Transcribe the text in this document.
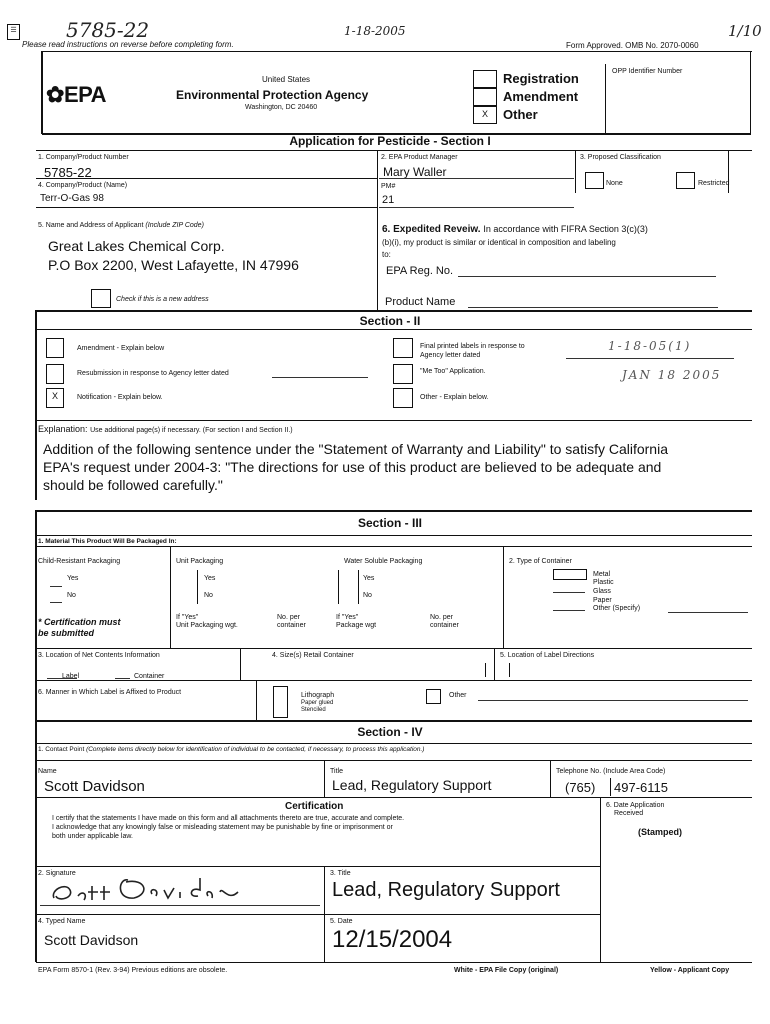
☰ 5785-22	1-18-2005	1/10
Please read instructions on reverse before completing form.	Form Approved. OMB No. 2070-0060
✿EPA
United States
Environmental Protection Agency
Washington, DC 20460
X
Registration
Amendment
Other
OPP Identifier Number
Application for Pesticide - Section I
1. Company/Product Number
5785-22
2. EPA Product Manager
Mary Waller
3. Proposed Classification
None	Restricted
4. Company/Product (Name)
Terr-O-Gas 98
PM#
21
5. Name and Address of Applicant (Include ZIP Code)
Great Lakes Chemical Corp.
P.O Box 2200, West Lafayette, IN 47996
Check if this is a new address
6. Expedited Reveiw. In accordance with FIFRA Section 3(c)(3)
(b)(i), my product is similar or identical in composition and labeling
to:
EPA Reg. No.
Product Name
Section - II
Amendment - Explain below
Resubmission in response to Agency letter dated
X	Notification - Explain below.
Final printed labels in response to
Agency letter dated
"Me Too" Application.
Other - Explain below.
1-18-05(1)
JAN 18 2005
Explanation: Use additional page(s) if necessary. (For section I and Section II.)
Addition of the following sentence under the "Statement of Warranty and Liability" to satisfy California
EPA's request under 2004-3: "The directions for use of this product are believed to be adequate and
should be followed carefully."
Section - III
1. Material This Product Will Be Packaged In:
Child-Resistant Packaging
Yes
No
* Certification must
be submitted
Unit Packaging
Yes
No
If "Yes"
Unit Packaging wgt.
No. per
container
Water Soluble Packaging
Yes
No
If "Yes"
Package wgt
No. per
container
2. Type of Container
Metal
Plastic
Glass
Paper
Other (Specify)
3. Location of Net Contents Information
Label	Container
4. Size(s) Retail Container	5. Location of Label Directions
6. Manner in Which Label is Affixed to Product	Lithograph
Paper glued
Stenciled
Other
Section - IV
1. Contact Point (Complete items directly below for identification of individual to be contacted, if necessary, to process this application.)
Name
Scott Davidson
Title
Lead, Regulatory Support
Telephone No. (Include Area Code)
(765) 497-6115
Certification
I certify that the statements I have made on this form and all attachments thereto are true, accurate and complete.
I acknowledge that any knowingly false or misleading statement may be punishable by fine or imprisonment or
both under applicable law.
6. Date Application
Received
(Stamped)
2. Signature	3. Title
Lead, Regulatory Support
4. Typed Name
Scott Davidson
5. Date
12/15/2004
EPA Form 8570-1 (Rev. 3-94) Previous editions are obsolete.	White - EPA File Copy (original)	Yellow - Applicant Copy
